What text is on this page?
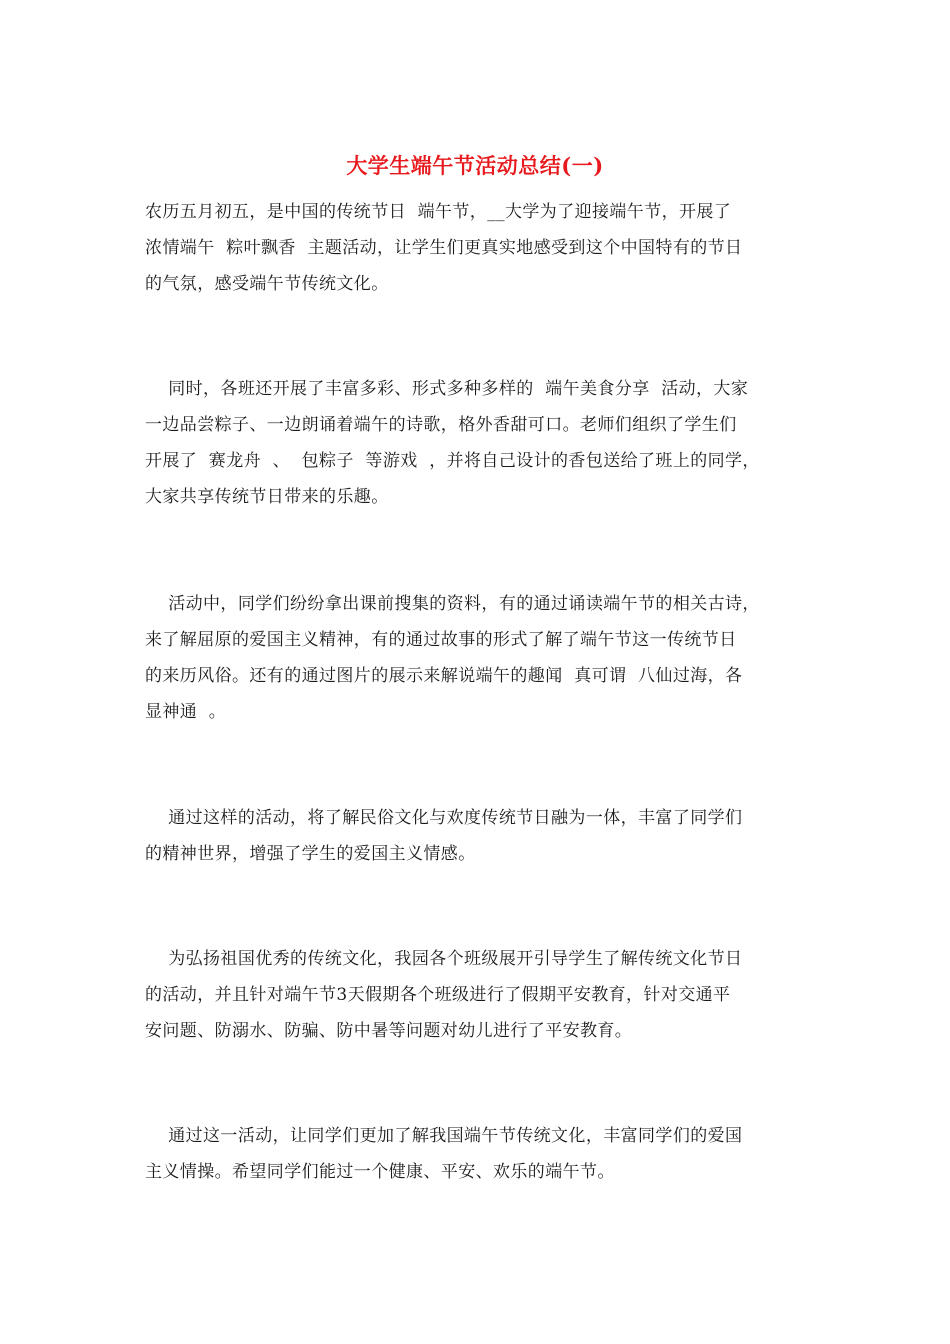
大学生端午节活动总结(一)
农历五月初五，是中国的传统节日  端午节，__大学为了迎接端午节，开展了
浓情端午  粽叶飘香  主题活动，让学生们更真实地感受到这个中国特有的节日
的气氛，感受端午节传统文化。
同时，各班还开展了丰富多彩、形式多种多样的  端午美食分享  活动，大家
一边品尝粽子、一边朗诵着端午的诗歌，格外香甜可口。老师们组织了学生们
开展了  赛龙舟  、  包粽子  等游戏  ，并将自己设计的香包送给了班上的同学，
大家共享传统节日带来的乐趣。
活动中，同学们纷纷拿出课前搜集的资料，有的通过诵读端午节的相关古诗，
来了解屈原的爱国主义精神，有的通过故事的形式了解了端午节这一传统节日
的来历风俗。还有的通过图片的展示来解说端午的趣闻  真可谓  八仙过海，各
显神通  。
通过这样的活动，将了解民俗文化与欢度传统节日融为一体，丰富了同学们
的精神世界，增强了学生的爱国主义情感。
为弘扬祖国优秀的传统文化，我园各个班级展开引导学生了解传统文化节日
的活动，并且针对端午节3天假期各个班级进行了假期平安教育，针对交通平
安问题、防溺水、防骗、防中暑等问题对幼儿进行了平安教育。
通过这一活动，让同学们更加了解我国端午节传统文化，丰富同学们的爱国
主义情操。希望同学们能过一个健康、平安、欢乐的端午节。
